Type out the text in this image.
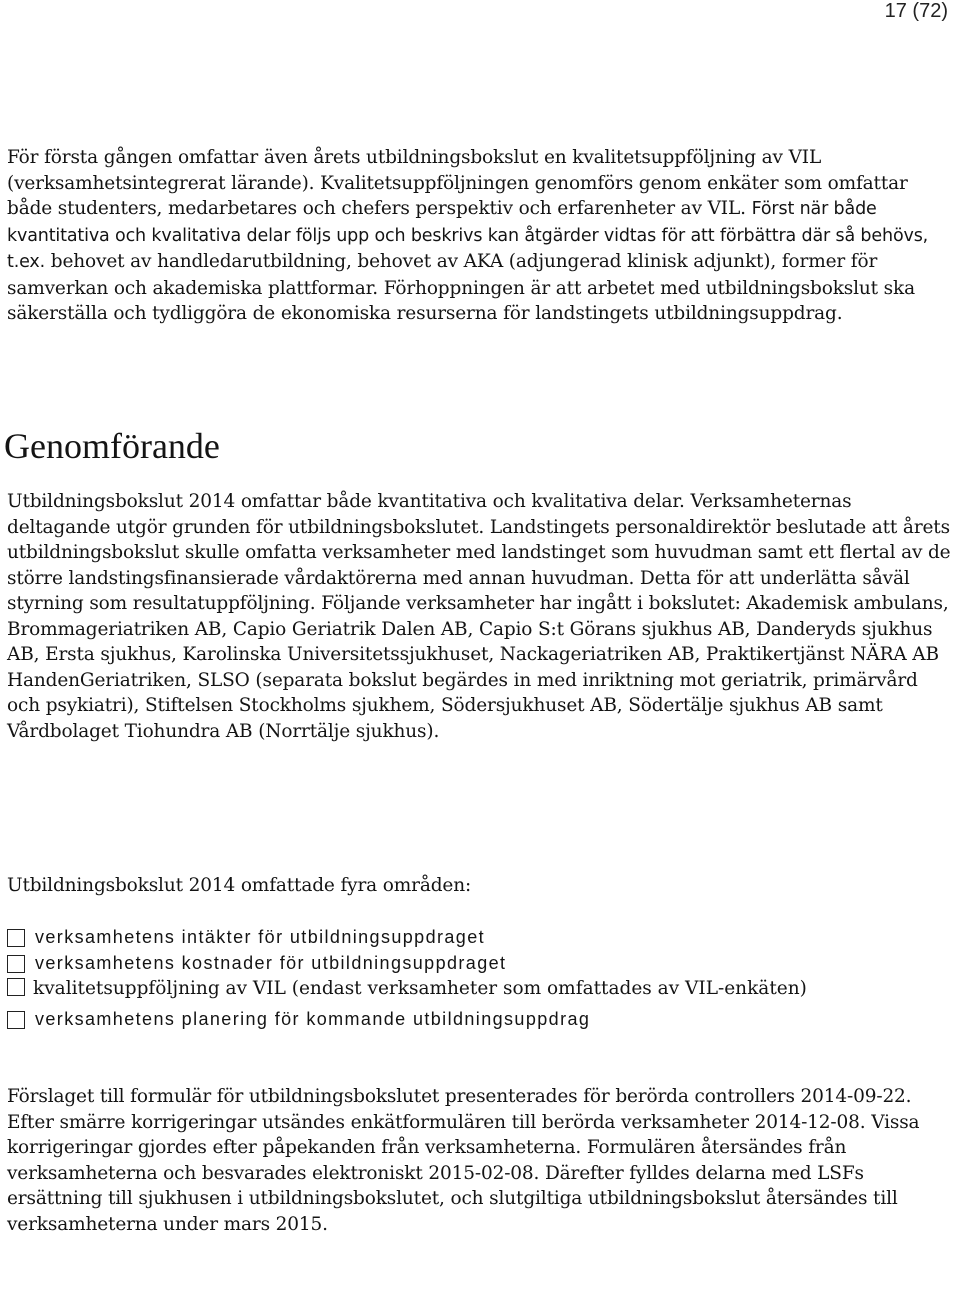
17 (72)

För första gången omfattar även årets utbildningsbokslut en kvalitetsuppföljning av VIL (verksamhetsintegrerat lärande). Kvalitetsuppföljningen genomförs genom enkäter som omfattar både studenters, medarbetares och chefers perspektiv och erfarenheter av VIL. Först när både kvantitativa och kvalitativa delar följs upp och beskrivs kan åtgärder vidtas för att förbättra där så behövs, t.ex. behovet av handledarutbildning, behovet av AKA (adjungerad klinisk adjunkt), former för samverkan och akademiska plattformar. Förhoppningen är att arbetet med utbildningsbokslut ska säkerställa och tydliggöra de ekonomiska resurserna för landstingets utbildningsuppdrag.

Genomförande

Utbildningsbokslut 2014 omfattar både kvantitativa och kvalitativa delar. Verksamheternas deltagande utgör grunden för utbildningsbokslutet. Landstingets personaldirektör beslutade att årets utbildningsbokslut skulle omfatta verksamheter med landstinget som huvudman samt ett flertal av de större landstingsfinansierade vårdaktörerna med annan huvudman. Detta för att underlätta såväl styrning som resultatuppföljning. Följande verksamheter har ingått i bokslutet: Akademisk ambulans, Brommageriatriken AB, Capio Geriatrik Dalen AB, Capio S:t Görans sjukhus AB, Danderyds sjukhus AB, Ersta sjukhus, Karolinska Universitetssjukhuset, Nackageriatriken AB, Praktikertjänst NÄRA AB HandenGeriatriken, SLSO (separata bokslut begärdes in med inriktning mot geriatrik, primärvård och psykiatri), Stiftelsen Stockholms sjukhem, Södersjukhuset AB, Södertälje sjukhus AB samt Vårdbolaget Tiohundra AB (Norrtälje sjukhus).

Utbildningsbokslut 2014 omfattade fyra områden:

verksamhetens intäkter för utbildningsuppdraget
verksamhetens kostnader för utbildningsuppdraget
kvalitetsuppföljning av VIL (endast verksamheter som omfattades av VIL-enkäten)
verksamhetens planering för kommande utbildningsuppdrag

Förslaget till formulär för utbildningsbokslutet presenterades för berörda controllers 2014-09-22. Efter smärre korrigeringar utsändes enkätformulären till berörda verksamheter 2014-12-08. Vissa korrigeringar gjordes efter påpekanden från verksamheterna. Formulären återsändes från verksamheterna och besvarades elektroniskt 2015-02-08. Därefter fylldes delarna med LSFs ersättning till sjukhusen i utbildningsbokslutet, och slutgiltiga utbildningsbokslut återsändes till verksamheterna under mars 2015.
